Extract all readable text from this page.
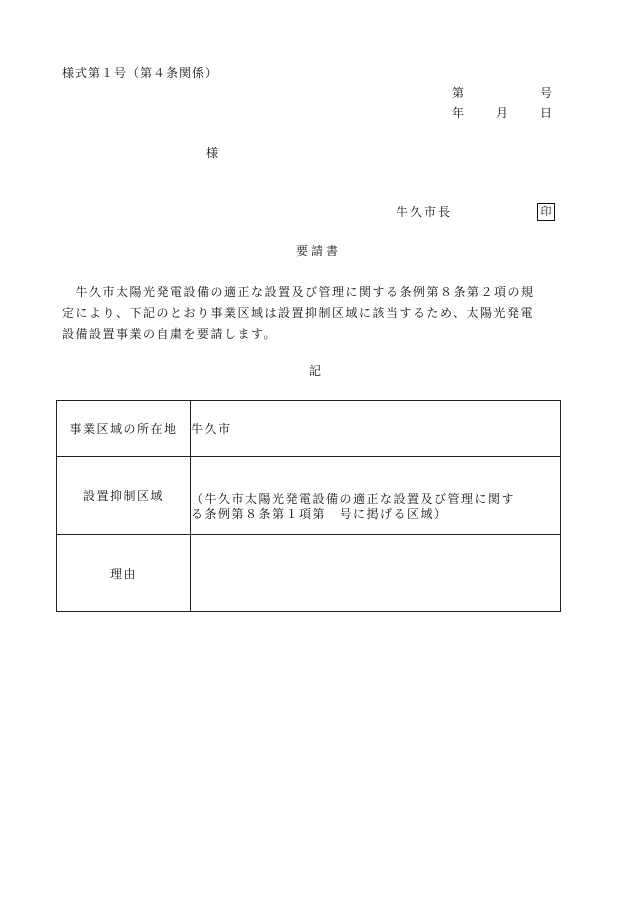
様式第１号（第４条関係）
第	号
年	月	日
様
牛久市長	印
要請書
　牛久市太陽光発電設備の適正な設置及び管理に関する条例第８条第２項の規
定により、下記のとおり事業区域は設置抑制区域に該当するため、太陽光発電
設備設置事業の自粛を要請します。
記
事業区域の所在地	牛久市
設置抑制区域	（牛久市太陽光発電設備の適正な設置及び管理に関す
る条例第８条第１項第　号に掲げる区域）

理由	
